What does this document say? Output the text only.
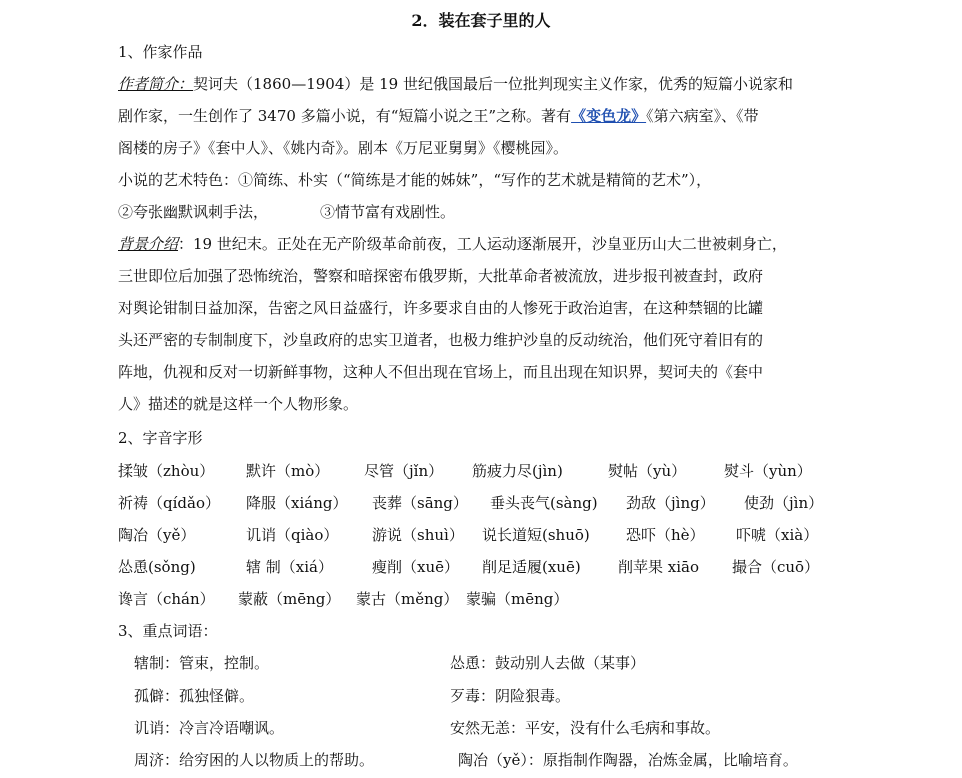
2．装在套子里的人
1、作家作品
作者简介：契诃夫（1860—1904）是 19 世纪俄国最后一位批判现实主义作家，优秀的短篇小说家和
剧作家，一生创作了 3470 多篇小说，有“短篇小说之王”之称。著有《变色龙》《第六病室》、《带
阁楼的房子》《套中人》、《姚内奇》。剧本《万尼亚舅舅》《樱桃园》。
小说的艺术特色：①简练、朴实（“简练是才能的姊妹”，“写作的艺术就是精简的艺术”），
②夸张幽默讽刺手法，	③情节富有戏剧性。
背景介绍：19 世纪末。正处在无产阶级革命前夜，工人运动逐渐展开，沙皇亚历山大二世被刺身亡，
三世即位后加强了恐怖统治，警察和暗探密布俄罗斯，大批革命者被流放，进步报刊被查封，政府
对舆论钳制日益加深，告密之风日益盛行，许多要求自由的人惨死于政治迫害，在这种禁锢的比罐
头还严密的专制制度下，沙皇政府的忠实卫道者，也极力维护沙皇的反动统治，他们死守着旧有的
阵地，仇视和反对一切新鲜事物，这种人不但出现在官场上，而且出现在知识界，契诃夫的《套中
人》描述的就是这样一个人物形象。
2、字音字形
揉皱（zhòu） 默许（mò） 尽管（jǐn） 筋疲力尽(jìn)	熨帖（yù）	熨斗（yùn）
祈祷（qídǎo） 降服（xiáng） 丧葬（sāng） 垂头丧气(sàng) 劲敌（jìng） 使劲（jìn）
陶冶（yě）	讥诮（qiào） 游说（shuì） 说长道短(shuō) 恐吓（hè） 吓唬（xià）
怂恿(sǒng)	辖 制（xiá）	瘦削（xuē） 削足适履(xuē) 削苹果 xiāo 撮合（cuō）
谗言（chán） 蒙蔽（mēng） 蒙古（měng） 蒙骗（mēng）
3、重点词语：
辖制：管束，控制。	怂恿：鼓动别人去做（某事）
孤僻：孤独怪僻。	歹毒：阴险狠毒。
讥诮：冷言冷语嘲讽。	安然无恙：平安，没有什么毛病和事故。
周济：给穷困的人以物质上的帮助。	陶冶（yě）：原指制作陶器，冶炼金属，比喻培育。
